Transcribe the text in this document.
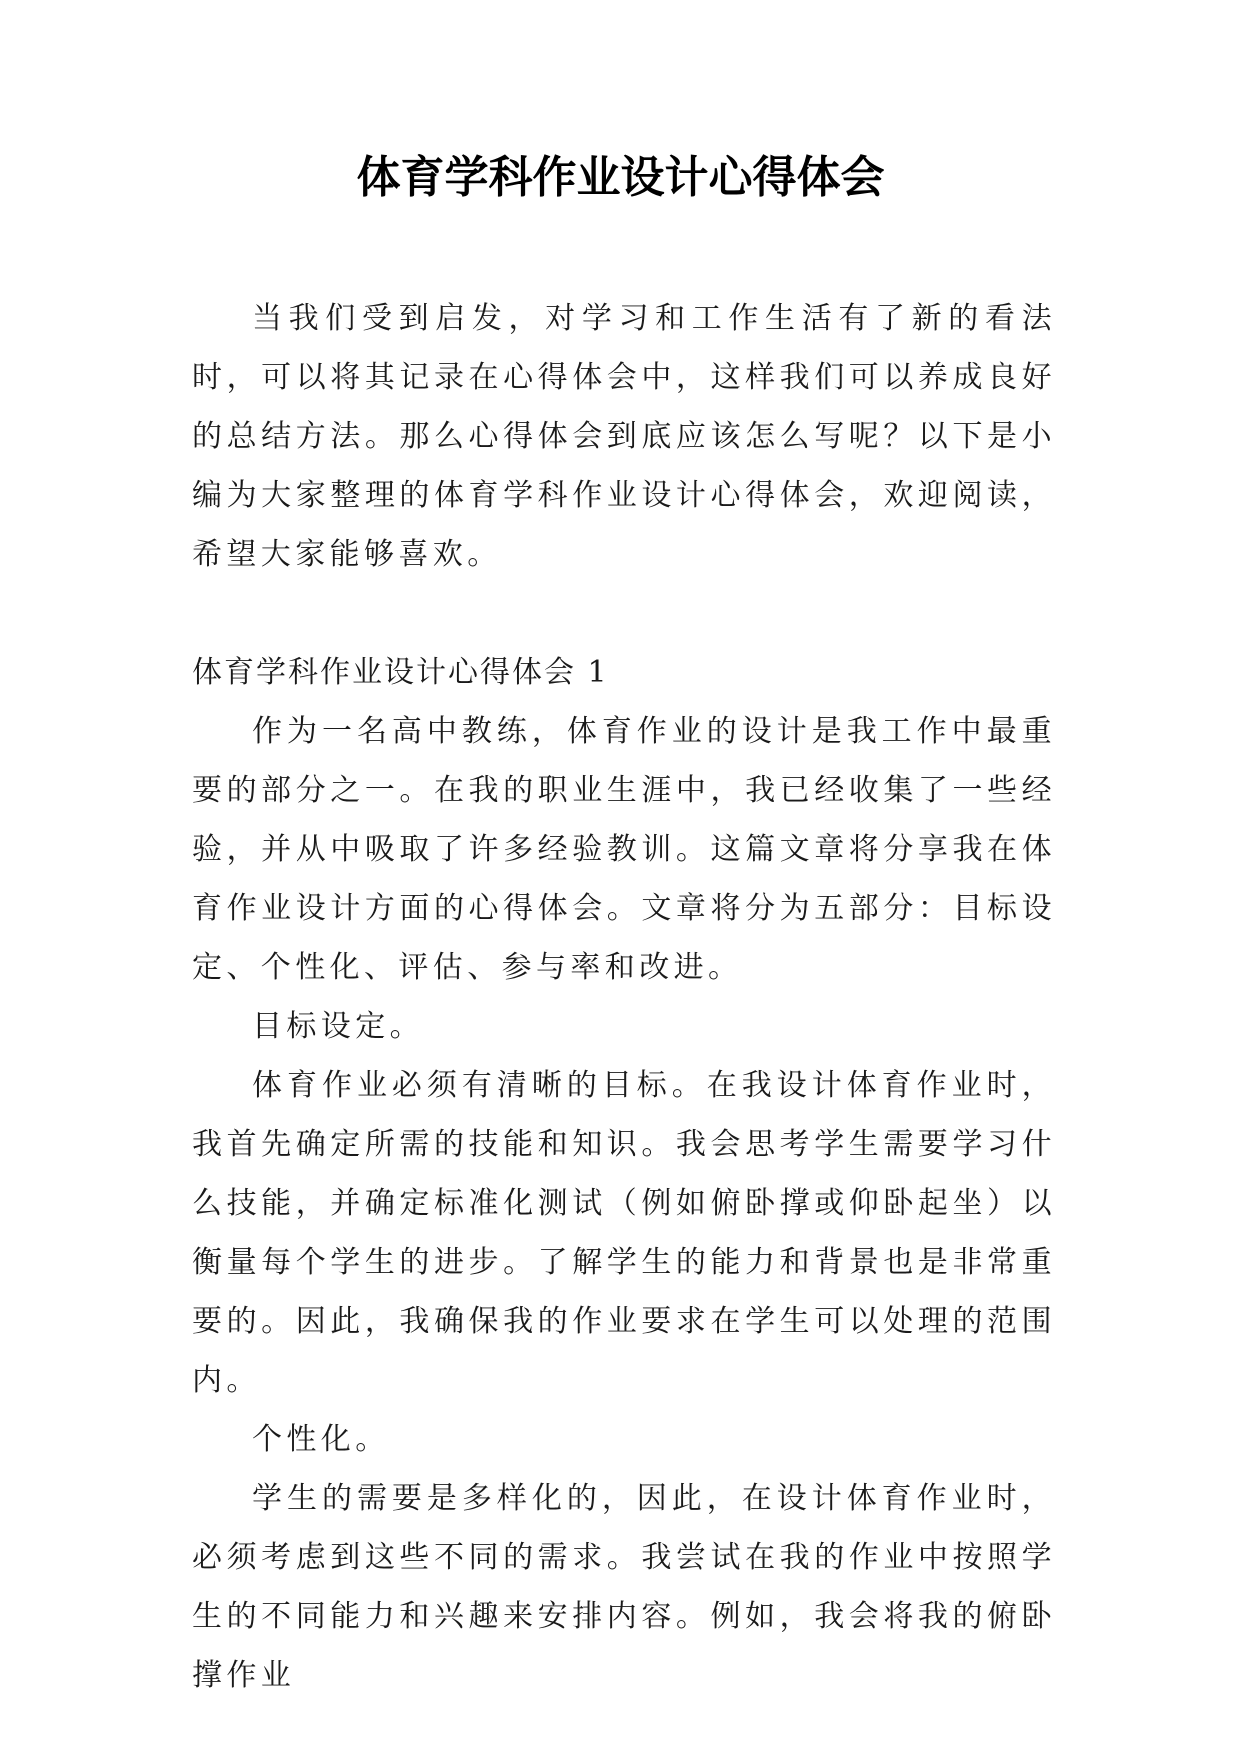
体育学科作业设计心得体会

当我们受到启发，对学习和工作生活有了新的看法时，可以将其记录在心得体会中，这样我们可以养成良好的总结方法。那么心得体会到底应该怎么写呢？以下是小编为大家整理的体育学科作业设计心得体会，欢迎阅读，希望大家能够喜欢。

体育学科作业设计心得体会 1

作为一名高中教练，体育作业的设计是我工作中最重要的部分之一。在我的职业生涯中，我已经收集了一些经验，并从中吸取了许多经验教训。这篇文章将分享我在体育作业设计方面的心得体会。文章将分为五部分：目标设定、个性化、评估、参与率和改进。

目标设定。

体育作业必须有清晰的目标。在我设计体育作业时，我首先确定所需的技能和知识。我会思考学生需要学习什么技能，并确定标准化测试（例如俯卧撑或仰卧起坐）以衡量每个学生的进步。了解学生的能力和背景也是非常重要的。因此，我确保我的作业要求在学生可以处理的范围内。

个性化。

学生的需要是多样化的，因此，在设计体育作业时，必须考虑到这些不同的需求。我尝试在我的作业中按照学生的不同能力和兴趣来安排内容。例如，我会将我的俯卧撑作业
